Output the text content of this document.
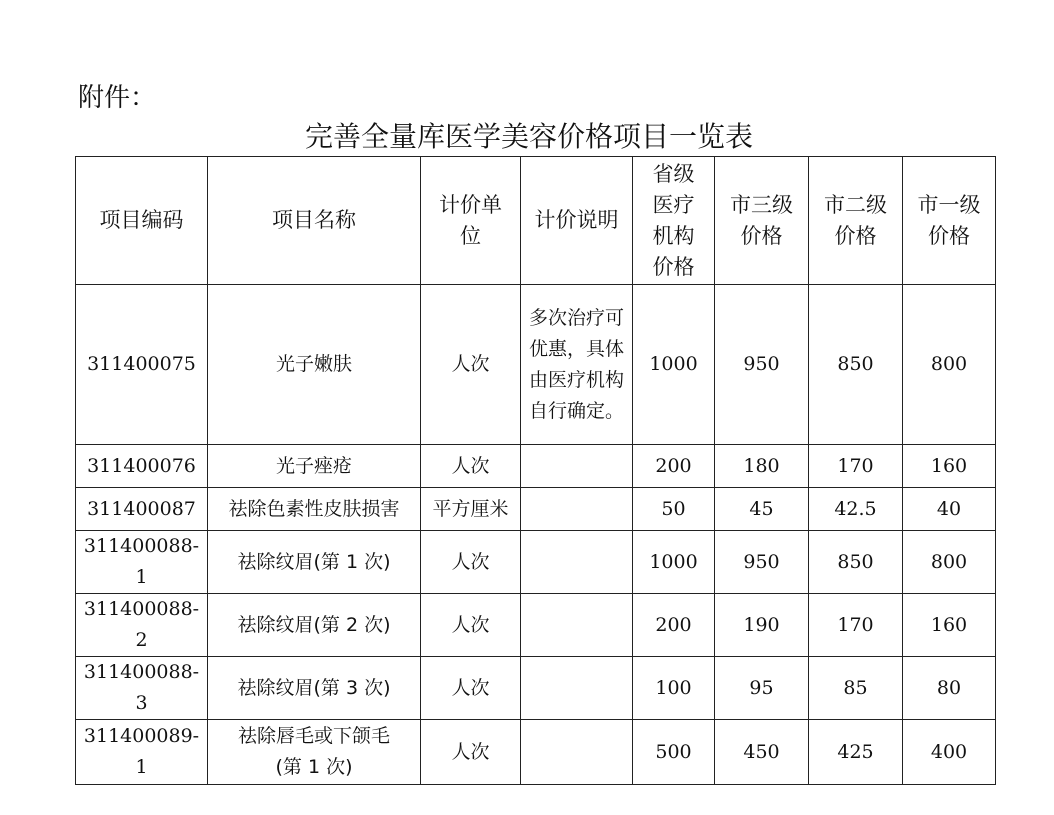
附件：
完善全量库医学美容价格项目一览表
项目编码	项目名称	计价单位	计价说明	省级医疗机构价格	市三级价格	市二级价格	市一级价格
311400075	光子嫩肤	人次	多次治疗可优惠，具体由医疗机构自行确定。	1000	950	850	800
311400076	光子痤疮	人次		200	180	170	160
311400087	祛除色素性皮肤损害	平方厘米		50	45	42.5	40
311400088-1	祛除纹眉(第 1 次)	人次		1000	950	850	800
311400088-2	祛除纹眉(第 2 次)	人次		200	190	170	160
311400088-3	祛除纹眉(第 3 次)	人次		100	95	85	80
311400089-1	祛除唇毛或下颌毛(第 1 次)	人次		500	450	425	400
